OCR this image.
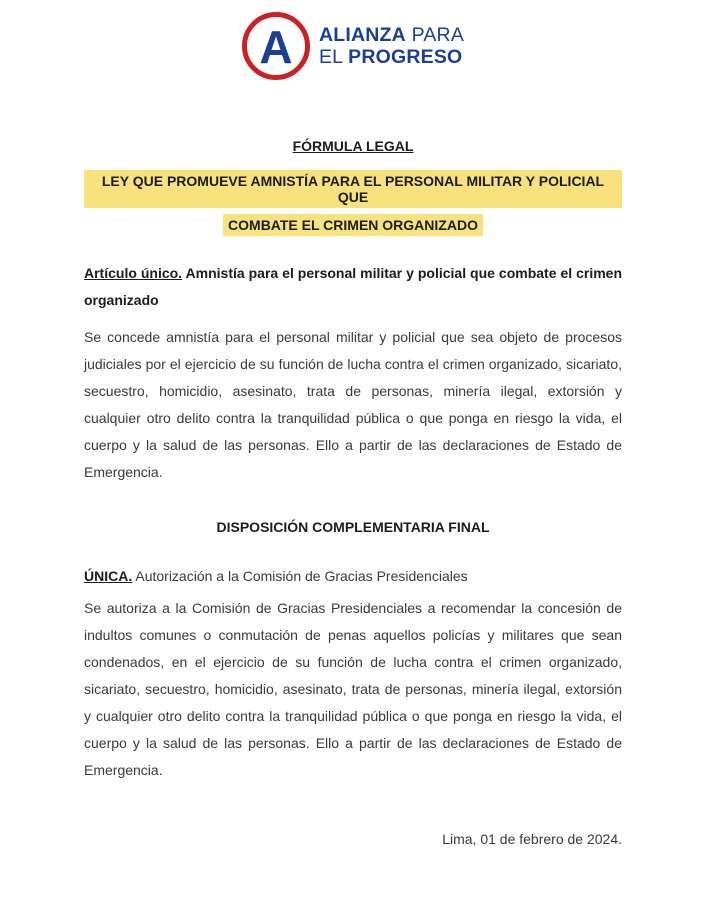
A ALIANZA PARA
EL PROGRESO
FÓRMULA LEGAL
LEY QUE PROMUEVE AMNISTÍA PARA EL PERSONAL MILITAR Y POLICIAL QUE
COMBATE EL CRIMEN ORGANIZADO
Artículo único. Amnistía para el personal militar y policial que combate el crimen organizado

Se concede amnistía para el personal militar y policial que sea objeto de procesos judiciales por el ejercicio de su función de lucha contra el crimen organizado, sicariato, secuestro, homicidio, asesinato, trata de personas, minería ilegal, extorsión y cualquier otro delito contra la tranquilidad pública o que ponga en riesgo la vida, el cuerpo y la salud de las personas. Ello a partir de las declaraciones de Estado de Emergencia.

DISPOSICIÓN COMPLEMENTARIA FINAL
ÚNICA. Autorización a la Comisión de Gracias Presidenciales

Se autoriza a la Comisión de Gracias Presidenciales a recomendar la concesión de indultos comunes o conmutación de penas aquellos policías y militares que sean condenados, en el ejercicio de su función de lucha contra el crimen organizado, sicariato, secuestro, homicidio, asesinato, trata de personas, minería ilegal, extorsión y cualquier otro delito contra la tranquilidad pública o que ponga en riesgo la vida, el cuerpo y la salud de las personas. Ello a partir de las declaraciones de Estado de Emergencia.

Lima, 01 de febrero de 2024.
